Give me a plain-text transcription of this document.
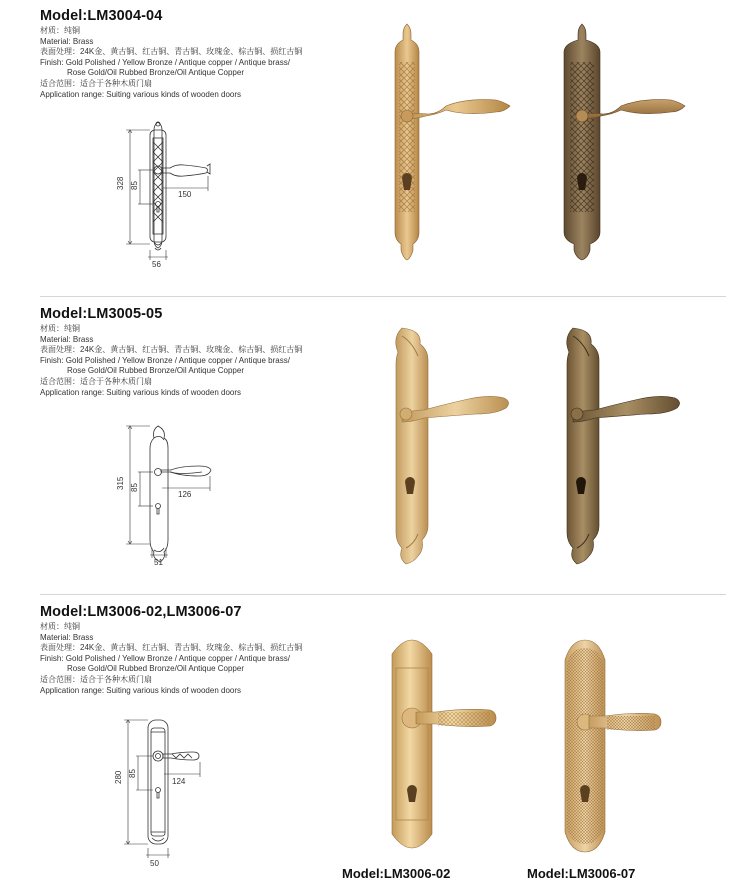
Model:LM3004-04
材质：纯铜
Material: Brass
表面处理：24K金、黄古铜、红古铜、青古铜、玫瑰金、棕古铜、损红古铜
Finish: Gold Polished / Yellow Bronze / Antique copper / Antique brass/
Rose Gold/Oil Rubbed Bronze/Oil Antique Copper
适合范围：适合于各种木质门扇
Application range: Suiting various kinds of wooden doors
328 85
150
56
Model:LM3005-05
材质：纯铜
Material: Brass
表面处理：24K金、黄古铜、红古铜、青古铜、玫瑰金、棕古铜、损红古铜
Finish: Gold Polished / Yellow Bronze / Antique copper / Antique brass/
Rose Gold/Oil Rubbed Bronze/Oil Antique Copper
适合范围：适合于各种木质门扇
Application range: Suiting various kinds of wooden doors
315 85
126
51
Model:LM3006-02,LM3006-07
材质：纯铜
Material: Brass
表面处理：24K金、黄古铜、红古铜、青古铜、玫瑰金、棕古铜、损红古铜
Finish: Gold Polished / Yellow Bronze / Antique copper / Antique brass/
Rose Gold/Oil Rubbed Bronze/Oil Antique Copper
适合范围：适合于各种木质门扇
Application range: Suiting various kinds of wooden doors
280 85
124
50
Model:LM3006-02	Model:LM3006-07
